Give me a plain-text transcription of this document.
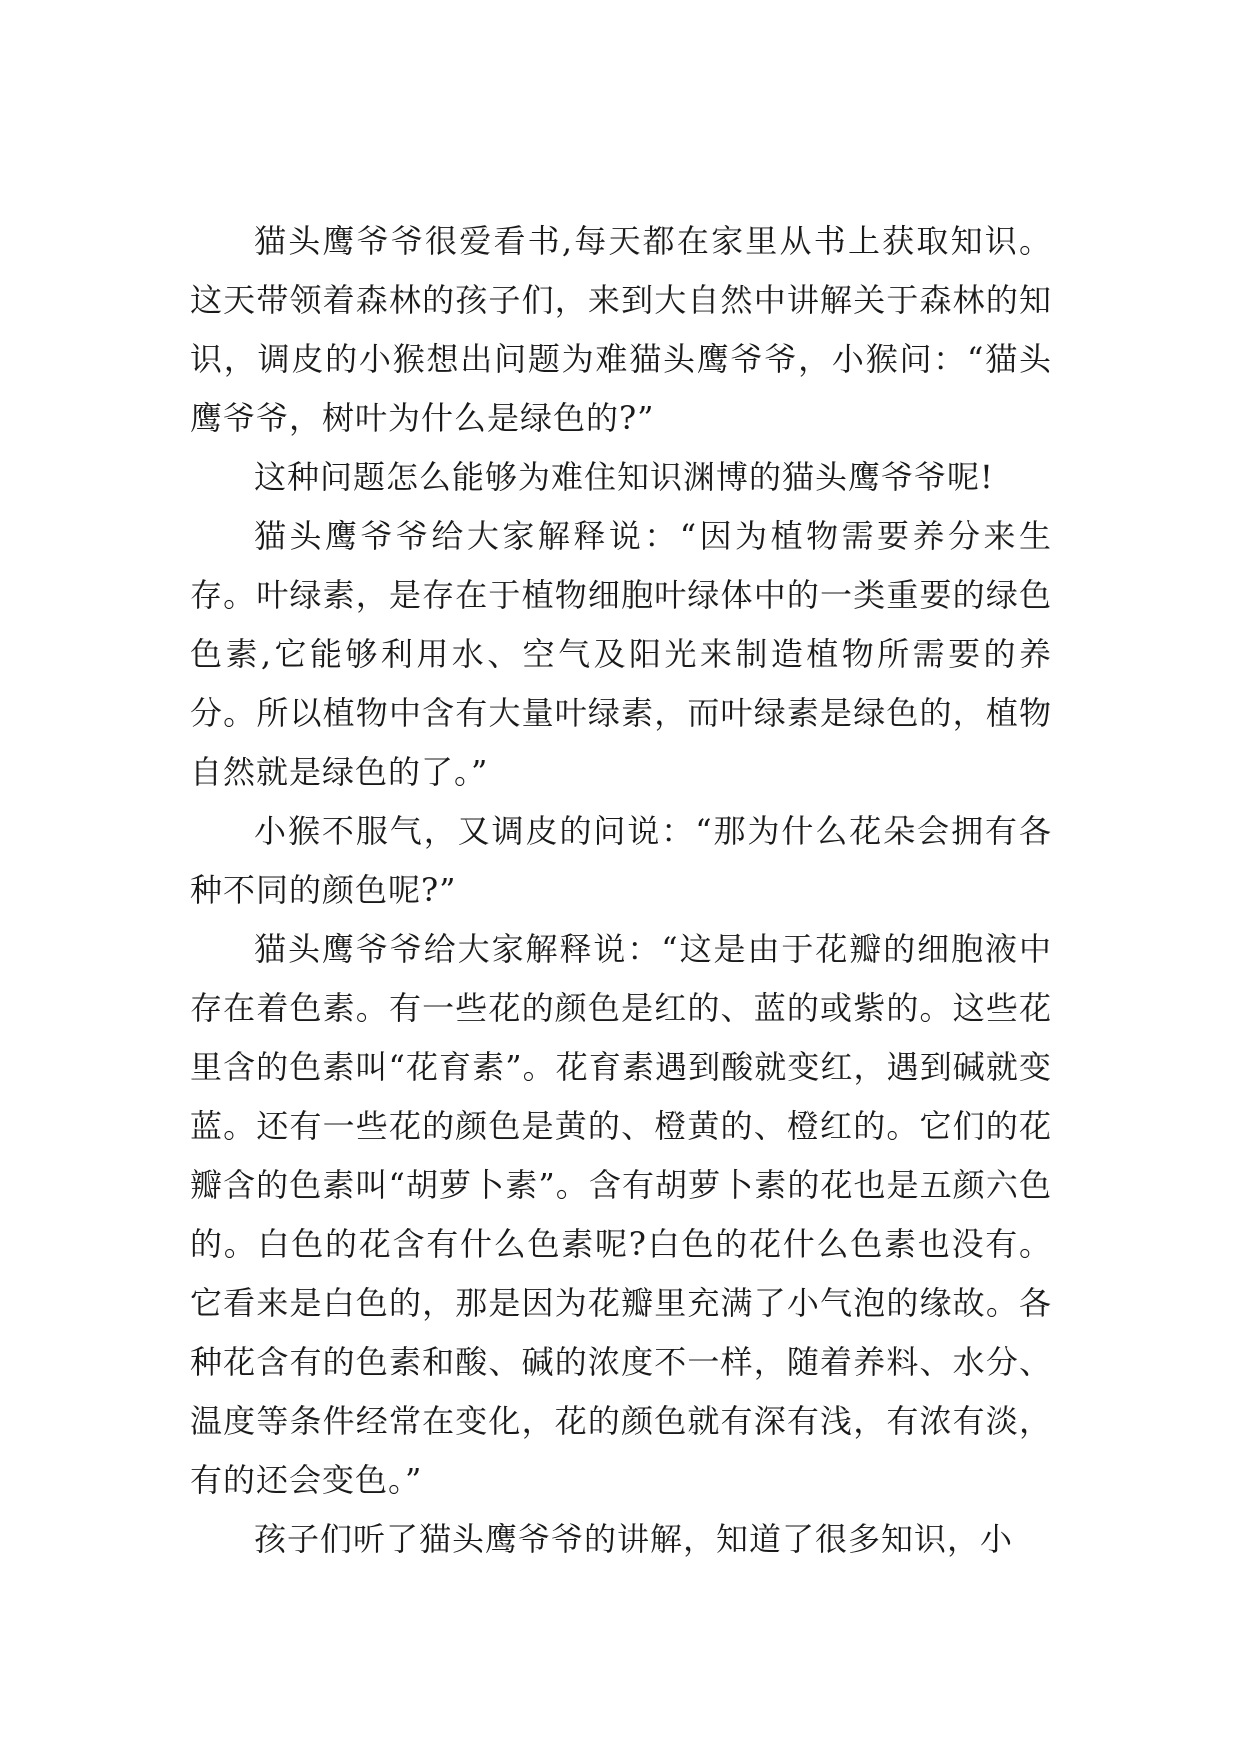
猫头鹰爷爷很爱看书,每天都在家里从书上获取知识。这天带领着森林的孩子们，来到大自然中讲解关于森林的知识，调皮的小猴想出问题为难猫头鹰爷爷，小猴问：“猫头鹰爷爷，树叶为什么是绿色的?”

这种问题怎么能够为难住知识渊博的猫头鹰爷爷呢!

猫头鹰爷爷给大家解释说：“因为植物需要养分来生存。叶绿素，是存在于植物细胞叶绿体中的一类重要的绿色色素,它能够利用水、空气及阳光来制造植物所需要的养分。所以植物中含有大量叶绿素，而叶绿素是绿色的，植物自然就是绿色的了。”

小猴不服气，又调皮的问说：“那为什么花朵会拥有各种不同的颜色呢?”

猫头鹰爷爷给大家解释说：“这是由于花瓣的细胞液中存在着色素。有一些花的颜色是红的、蓝的或紫的。这些花里含的色素叫“花育素”。花育素遇到酸就变红，遇到碱就变蓝。还有一些花的颜色是黄的、橙黄的、橙红的。它们的花瓣含的色素叫“胡萝卜素”。含有胡萝卜素的花也是五颜六色的。白色的花含有什么色素呢?白色的花什么色素也没有。它看来是白色的，那是因为花瓣里充满了小气泡的缘故。各种花含有的色素和酸、碱的浓度不一样，随着养料、水分、温度等条件经常在变化，花的颜色就有深有浅，有浓有淡，有的还会变色。”

孩子们听了猫头鹰爷爷的讲解，知道了很多知识，小
